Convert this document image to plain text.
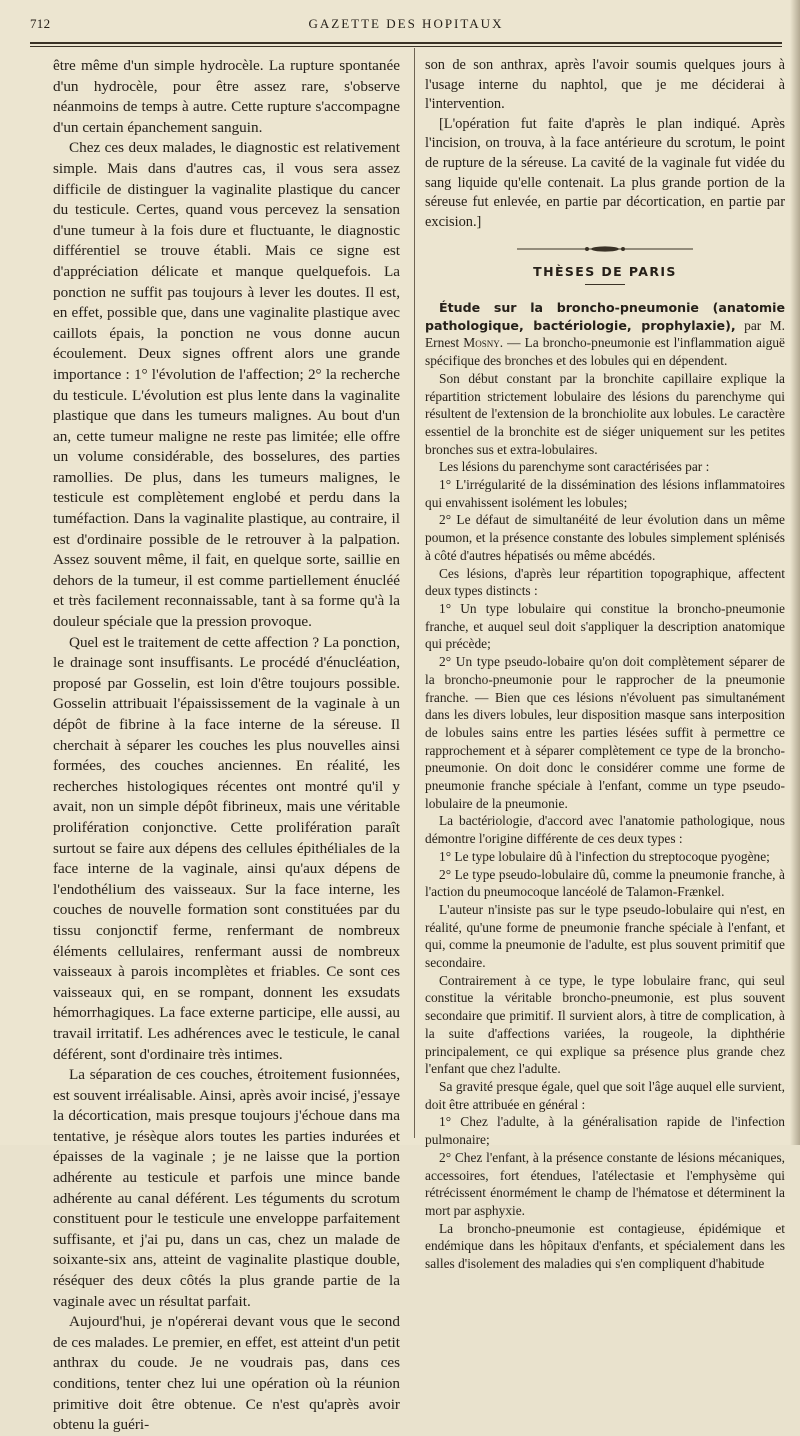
712	GAZETTE DES HOPITAUX

être même d'un simple hydrocèle. La rupture spontanée d'un hydrocèle, pour être assez rare, s'observe néanmoins de temps à autre. Cette rupture s'accompagne d'un certain épanchement sanguin.

Chez ces deux malades, le diagnostic est relativement simple. Mais dans d'autres cas, il vous sera assez difficile de distinguer la vaginalite plastique du cancer du testicule. Certes, quand vous percevez la sensation d'une tumeur à la fois dure et fluctuante, le diagnostic différentiel se trouve établi. Mais ce signe est d'appréciation délicate et manque quelquefois. La ponction ne suffit pas toujours à lever les doutes. Il est, en effet, possible que, dans une vaginalite plastique avec caillots épais, la ponction ne vous donne aucun écoulement. Deux signes offrent alors une grande importance : 1° l'évolution de l'affection; 2° la recherche du testicule. L'évolution est plus lente dans la vaginalite plastique que dans les tumeurs malignes. Au bout d'un an, cette tumeur maligne ne reste pas limitée; elle offre un volume considérable, des bosselures, des parties ramollies. De plus, dans les tumeurs malignes, le testicule est complètement englobé et perdu dans la tuméfaction. Dans la vaginalite plastique, au contraire, il est d'ordinaire possible de le retrouver à la palpation. Assez souvent même, il fait, en quelque sorte, saillie en dehors de la tumeur, il est comme partiellement énucléé et très facilement reconnaissable, tant à sa forme qu'à la douleur spéciale que la pression provoque.

Quel est le traitement de cette affection ? La ponction, le drainage sont insuffisants. Le procédé d'énucléation, proposé par Gosselin, est loin d'être toujours possible. Gosselin attribuait l'épaississement de la vaginale à un dépôt de fibrine à la face interne de la séreuse. Il cherchait à séparer les couches les plus nouvelles ainsi formées, des couches anciennes. En réalité, les recherches histologiques récentes ont montré qu'il y avait, non un simple dépôt fibrineux, mais une véritable prolifération conjonctive. Cette prolifération paraît surtout se faire aux dépens des cellules épithéliales de la face interne de la vaginale, ainsi qu'aux dépens de l'endothélium des vaisseaux. Sur la face interne, les couches de nouvelle formation sont constituées par du tissu conjonctif ferme, renfermant de nombreux éléments cellulaires, renfermant aussi de nombreux vaisseaux à parois incomplètes et friables. Ce sont ces vaisseaux qui, en se rompant, donnent les exsudats hémorrhagiques. La face externe participe, elle aussi, au travail irritatif. Les adhérences avec le testicule, le canal déférent, sont d'ordinaire très intimes.

La séparation de ces couches, étroitement fusionnées, est souvent irréalisable. Ainsi, après avoir incisé, j'essaye la décortication, mais presque toujours j'échoue dans ma tentative, je résèque alors toutes les parties indurées et épaisses de la vaginale ; je ne laisse que la portion adhérente au testicule et parfois une mince bande adhérente au canal déférent. Les téguments du scrotum constituent pour le testicule une enveloppe parfaitement suffisante, et j'ai pu, dans un cas, chez un malade de soixante-six ans, atteint de vaginalite plastique double, réséquer des deux côtés la plus grande partie de la vaginale avec un résultat parfait.

Aujourd'hui, je n'opérerai devant vous que le second de ces malades. Le premier, en effet, est atteint d'un petit anthrax du coude. Je ne voudrais pas, dans ces conditions, tenter chez lui une opération où la réunion primitive doit être obtenue. Ce n'est qu'après avoir obtenu la guéri-

son de son anthrax, après l'avoir soumis quelques jours à l'usage interne du naphtol, que je me déciderai à l'intervention.

[L'opération fut faite d'après le plan indiqué. Après l'incision, on trouva, à la face antérieure du scrotum, le point de rupture de la séreuse. La cavité de la vaginale fut vidée du sang liquide qu'elle contenait. La plus grande portion de la séreuse fut enlevée, en partie par décortication, en partie par excision.]

THÈSES DE PARIS

Étude sur la broncho-pneumonie (anatomie pathologique, bactériologie, prophylaxie), par M. Ernest Mosny. — La broncho-pneumonie est l'inflammation aiguë spécifique des bronches et des lobules qui en dépendent.

Son début constant par la bronchite capillaire explique la répartition strictement lobulaire des lésions du parenchyme qui résultent de l'extension de la bronchiolite aux lobules. Le caractère essentiel de la bronchite est de siéger uniquement sur les petites bronches sus et extra-lobulaires.

Les lésions du parenchyme sont caractérisées par :

1° L'irrégularité de la dissémination des lésions inflammatoires qui envahissent isolément les lobules;

2° Le défaut de simultanéité de leur évolution dans un même poumon, et la présence constante des lobules simplement splénisés à côté d'autres hépatisés ou même abcédés.

Ces lésions, d'après leur répartition topographique, affectent deux types distincts :

1° Un type lobulaire qui constitue la broncho-pneumonie franche, et auquel seul doit s'appliquer la description anatomique qui précède;

2° Un type pseudo-lobaire qu'on doit complètement séparer de la broncho-pneumonie pour le rapprocher de la pneumonie franche. — Bien que ces lésions n'évoluent pas simultanément dans les divers lobules, leur disposition masque sans interposition de lobules sains entre les parties lésées suffit à permettre ce rapprochement et à séparer complètement ce type de la broncho-pneumonie. On doit donc le considérer comme une forme de pneumonie franche spéciale à l'enfant, comme un type pseudo-lobulaire de la pneumonie.

La bactériologie, d'accord avec l'anatomie pathologique, nous démontre l'origine différente de ces deux types :

1° Le type lobulaire dû à l'infection du streptocoque pyogène;

2° Le type pseudo-lobulaire dû, comme la pneumonie franche, à l'action du pneumocoque lancéolé de Talamon-Frænkel.

L'auteur n'insiste pas sur le type pseudo-lobulaire qui n'est, en réalité, qu'une forme de pneumonie franche spéciale à l'enfant, et qui, comme la pneumonie de l'adulte, est plus souvent primitif que secondaire.

Contrairement à ce type, le type lobulaire franc, qui seul constitue la véritable broncho-pneumonie, est plus souvent secondaire que primitif. Il survient alors, à titre de complication, à la suite d'affections variées, la rougeole, la diphthérie principalement, ce qui explique sa présence plus grande chez l'enfant que chez l'adulte.

Sa gravité presque égale, quel que soit l'âge auquel elle survient, doit être attribuée en général :

1° Chez l'adulte, à la généralisation rapide de l'infection pulmonaire;

2° Chez l'enfant, à la présence constante de lésions mécaniques, accessoires, fort étendues, l'atélectasie et l'emphysème qui rétrécissent énormément le champ de l'hématose et déterminent la mort par asphyxie.

La broncho-pneumonie est contagieuse, épidémique et endémique dans les hôpitaux d'enfants, et spécialement dans les salles d'isolement des maladies qui s'en compliquent d'habitude
